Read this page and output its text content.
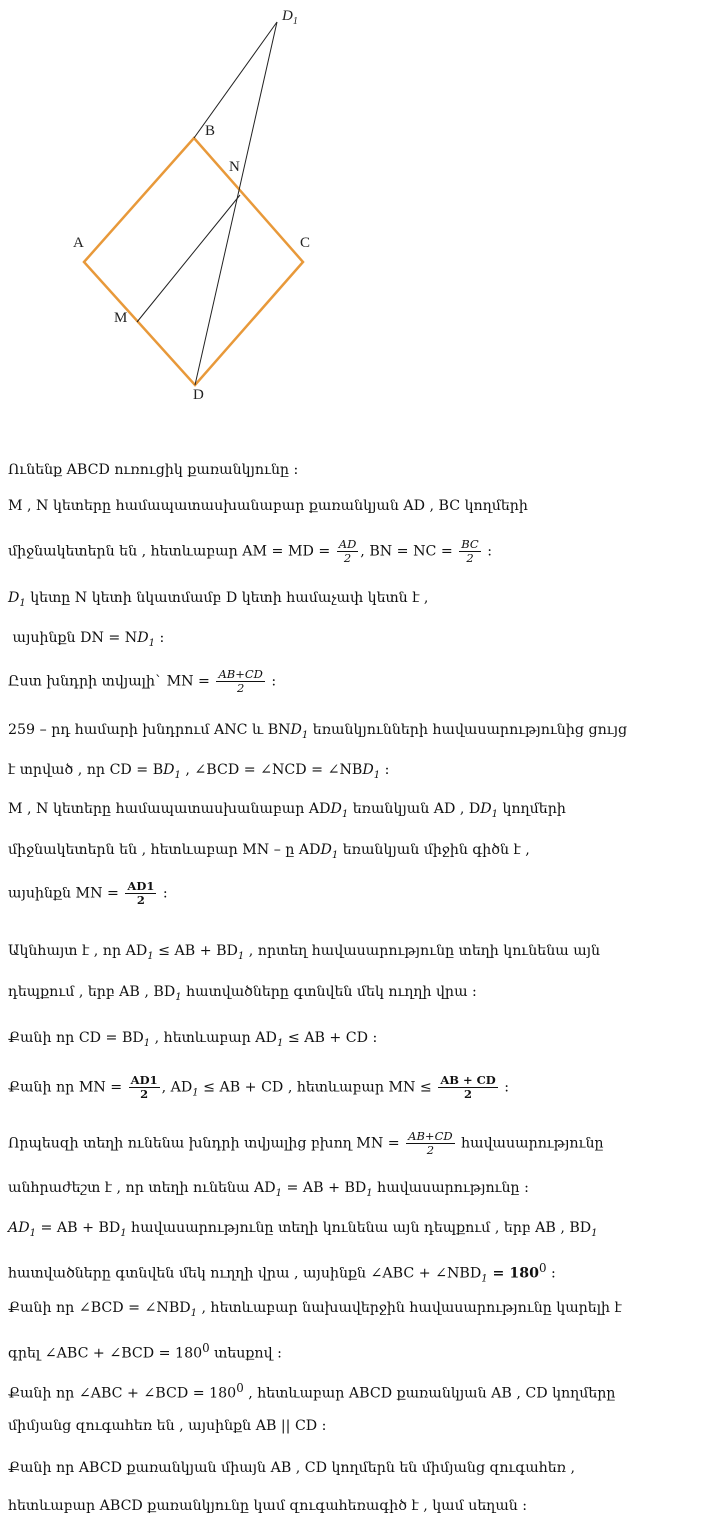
$D_1$
B
N
A	C
M
D
Ունենք ABCD ուռուցիկ քառանկյունը :
M , N կետերը համապատասխանաբար քառանկյան AD , BC կողմերի
միջնակետերն են , հետևաբար AM = MD = $\frac{AD}{2}$ , BN = NC = $\frac{BC}{2}$ :
$D_1$ կետը N կետի նկատմամբ D կետի համաչափ կետն է ,
այսինքն DN = $ND_1$ :
Ըստ խնդրի տվյալի` MN = $\frac{AB+CD}{2}$ :
259 – րդ համարի խնդրում ANC և $BND_1$ եռանկյունների հավասարությունից ցույց
է տրված , որ CD = $BD_1$ , ∠BCD = ∠NCD = $\angle NBD_1$ :
M , N կետերը համապատասխանաբար $ADD_1$ եռանկյան AD , $DD_1$ կողմերի
միջնակետերն են , հետևաբար MN – ը $ADD_1$ եռանկյան միջին գիծն է ,
այսինքն MN = $\frac{AD1}{2}$ :
Ակնհայտ է , որ $AD_1$ ≤ AB + $BD_1$ , որտեղ հավասարությունը տեղի կունենա այն
դեպքում , երբ AB , $BD_1$ հատվածները գտնվեն մեկ ուղղի վրա :
Քանի որ CD = $BD_1$ , հետևաբար $AD_1$ ≤ AB + CD :
Քանի որ MN = $\frac{AD1}{2}$ , $AD_1$ ≤ AB + CD , հետևաբար MN ≤ $\frac{AB + CD}{2}$ :
Որպեսզի տեղի ունենա խնդրի տվյալից բխող MN = $\frac{AB+CD}{2}$ հավասարությունը
անհրաժեշտ է , որ տեղի ունենա $AD_1$ = AB + $BD_1$ հավասարությունը :
$AD_1$ = AB + $BD_1$ հավասարությունը տեղի կունենա այն դեպքում , երբ AB , $BD_1$
հատվածները գտնվեն մեկ ուղղի վրա , այսինքն ∠ABC + $\angle NBD_1 = 180^0$ :
Քանի որ ∠BCD = $\angle NBD_1$ , հետևաբար նախավերջին հավասարությունը կարելի է
գրել ∠ABC + ∠BCD = $180^0$ տեսքով :
Քանի որ ∠ABC + ∠BCD = $180^0$ , հետևաբար ABCD քառանկյան AB , CD կողմերը
միմյանց զուգահեռ են , այսինքն AB || CD :
Քանի որ ABCD քառանկյան միայն AB , CD կողմերն են միմյանց զուգահեռ ,
հետևաբար ABCD քառանկյունը կամ զուգահեռագիծ է , կամ սեղան :
